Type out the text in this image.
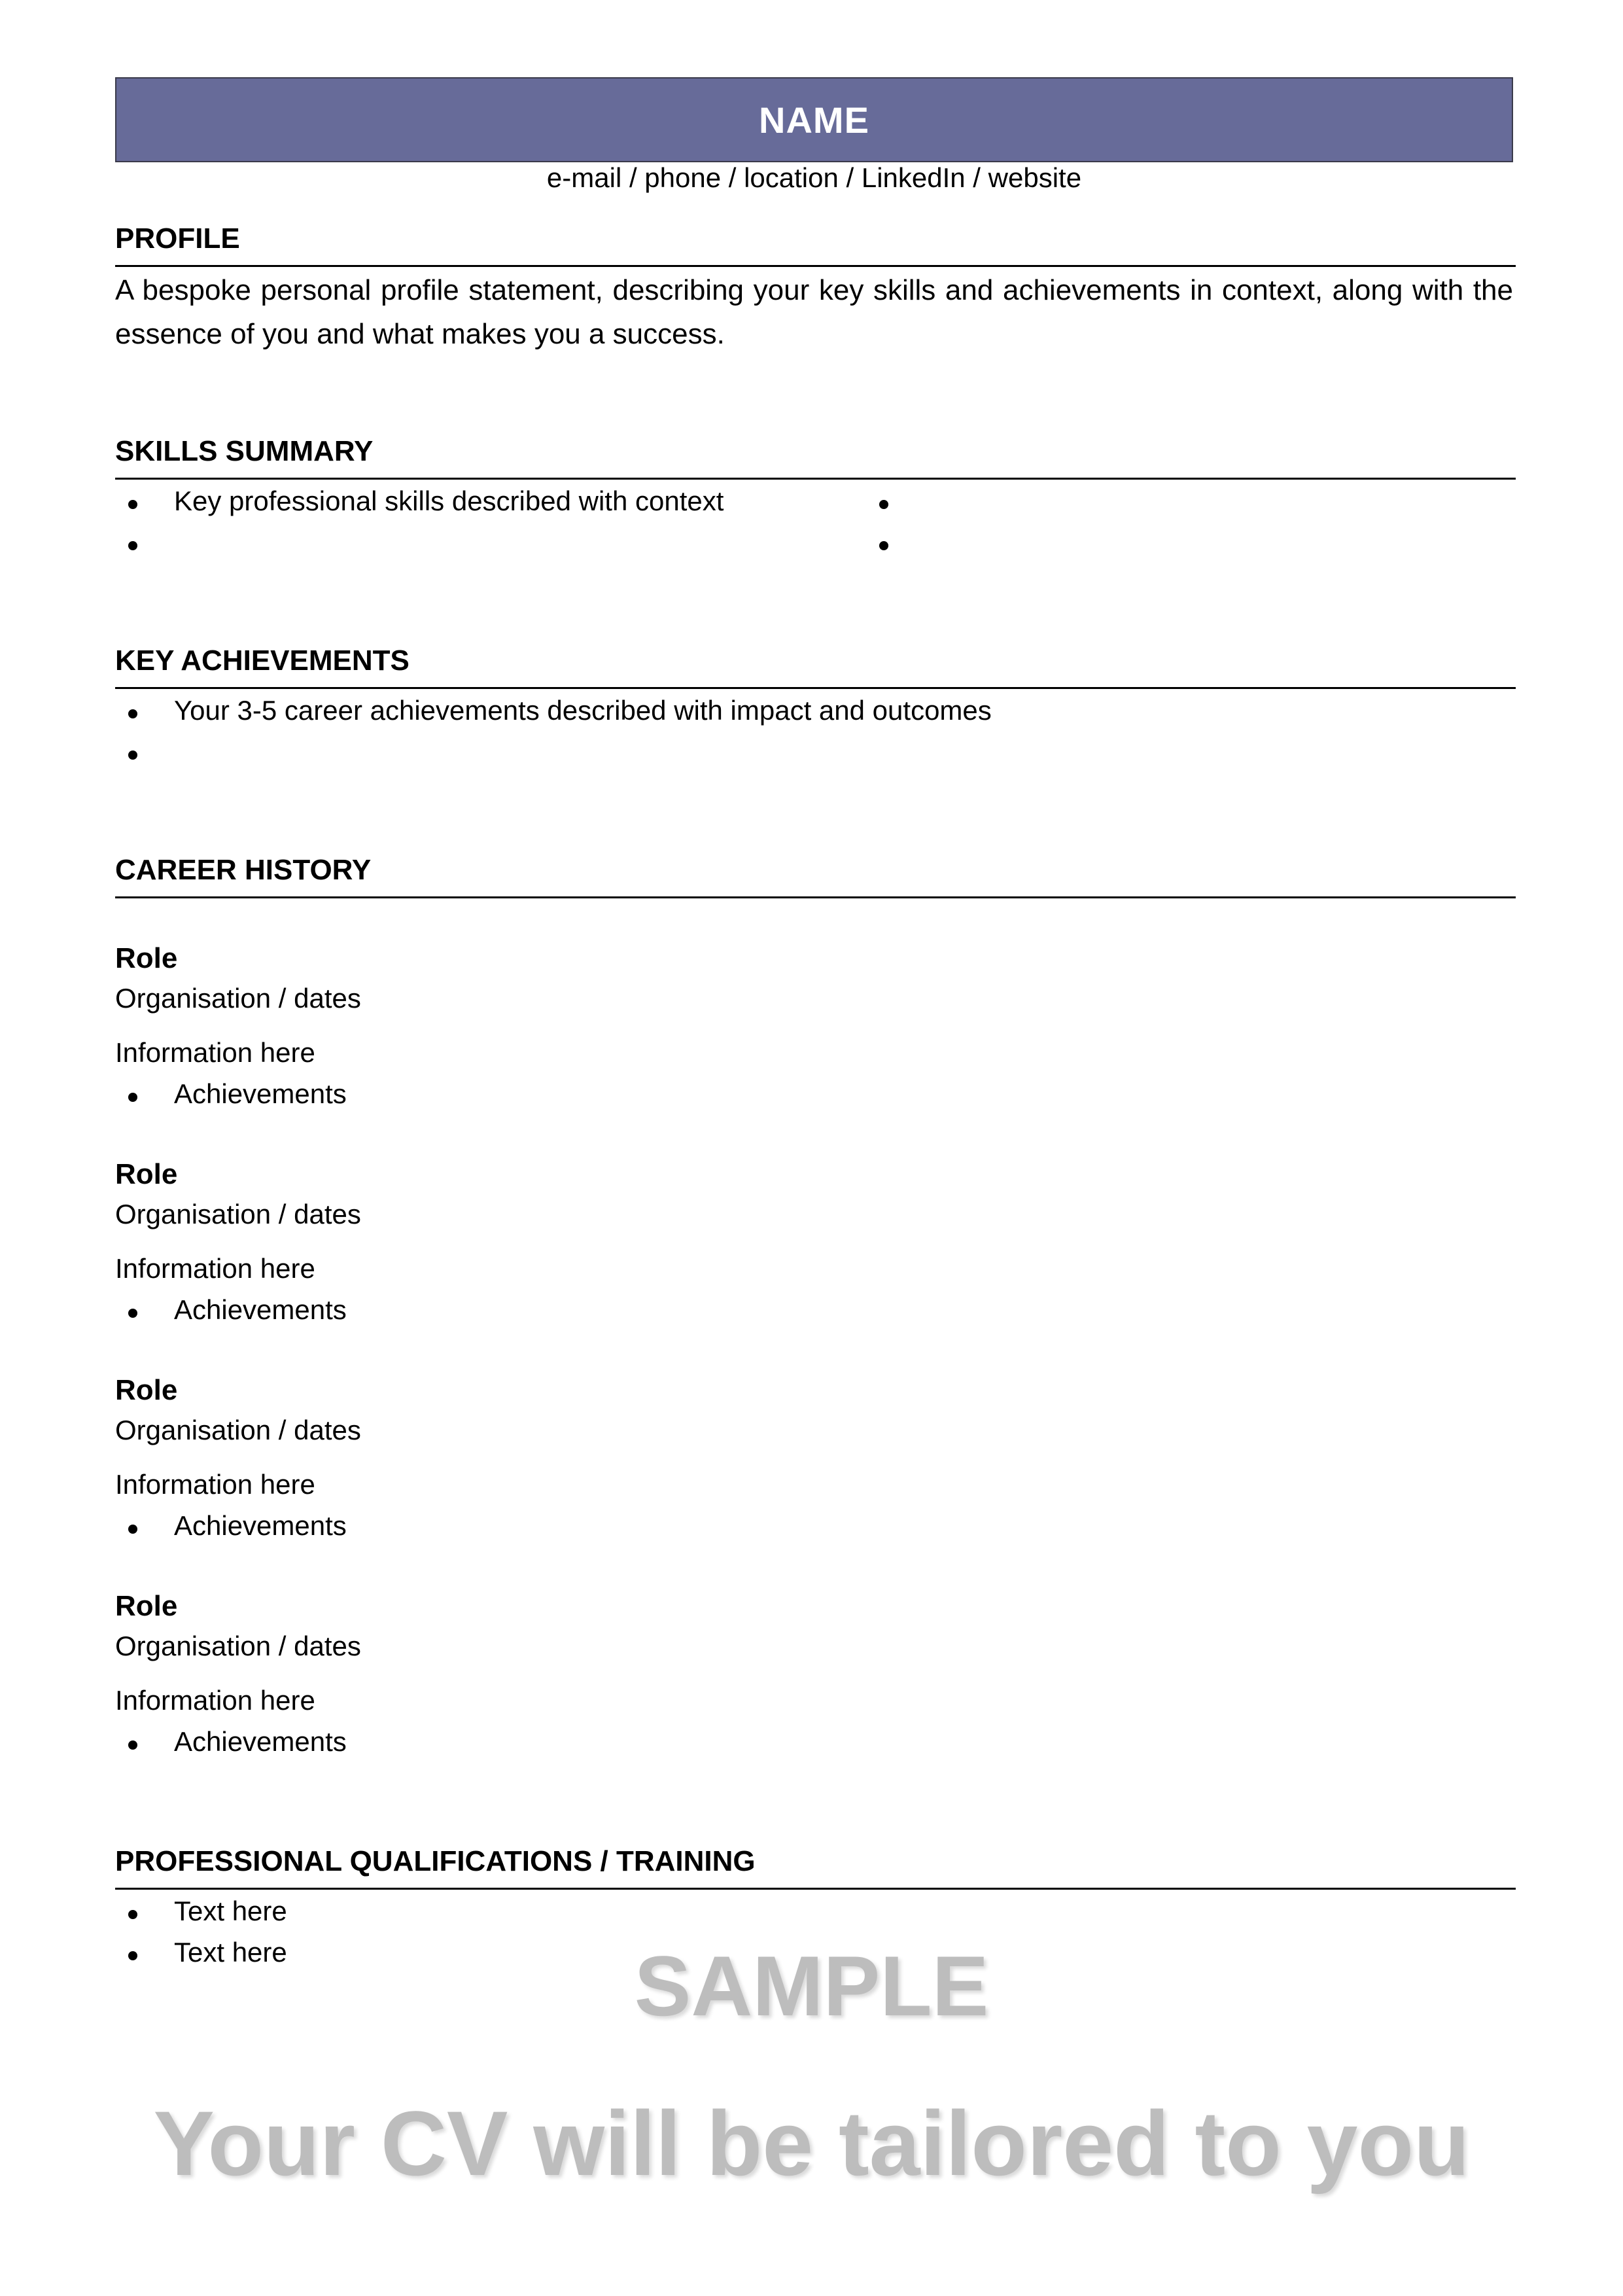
NAME
e-mail / phone / location / LinkedIn / website
PROFILE
A bespoke personal profile statement, describing your key skills and achievements in context, along with the essence of you and what makes you a success.
SKILLS SUMMARY
Key professional skills described with context
KEY ACHIEVEMENTS
Your 3-5 career achievements described with impact and outcomes
CAREER HISTORY
Role
Organisation / dates
Information here
Achievements
Role
Organisation / dates
Information here
Achievements
Role
Organisation / dates
Information here
Achievements
Role
Organisation / dates
Information here
Achievements
PROFESSIONAL QUALIFICATIONS / TRAINING
Text here
Text here	SAMPLE
Your CV will be tailored to you
